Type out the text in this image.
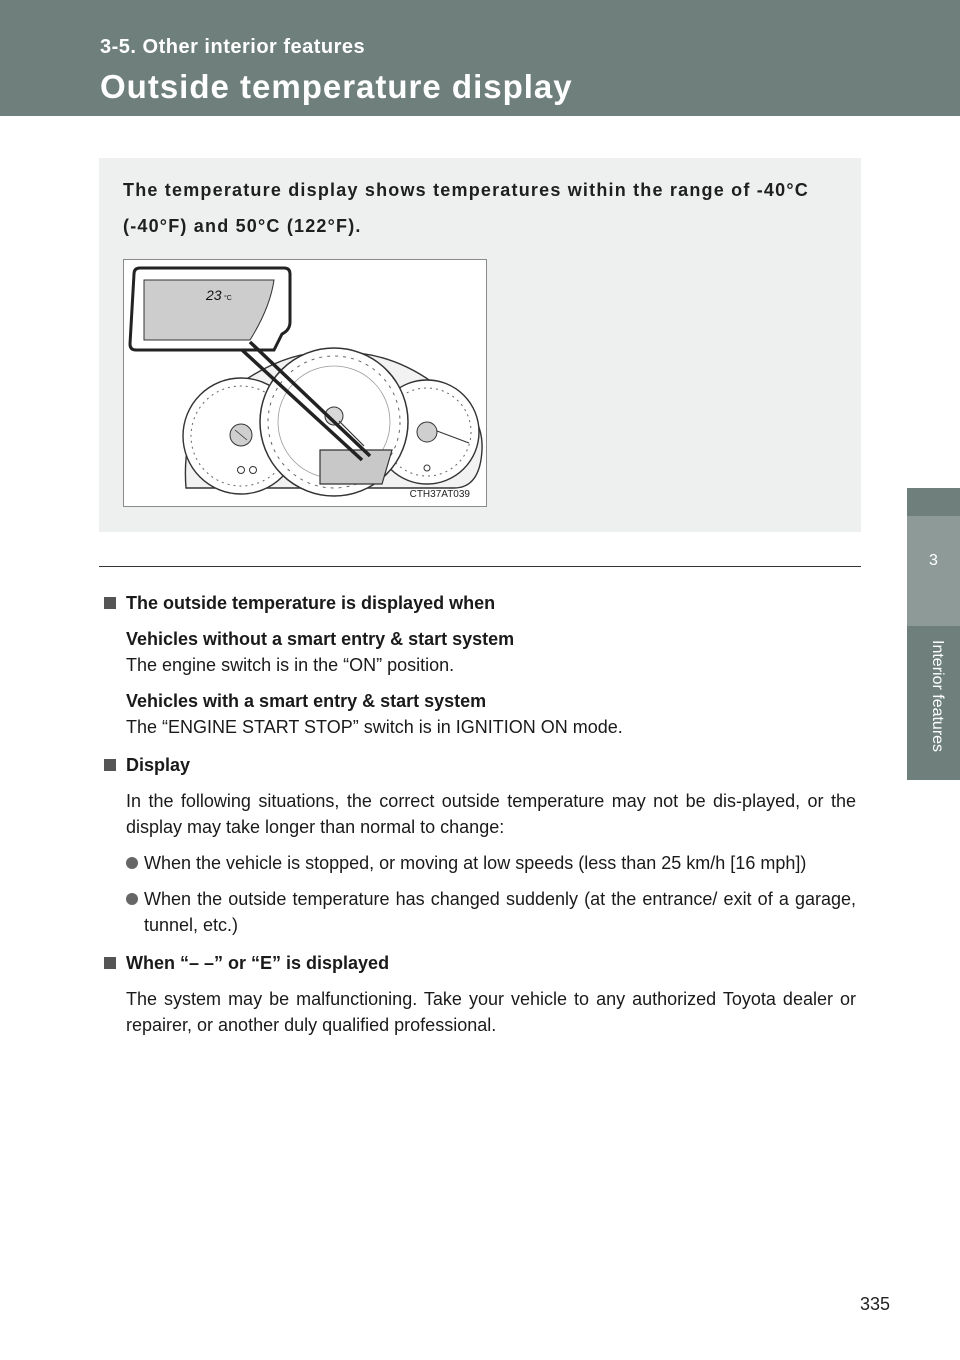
3-5. Other interior features
Outside temperature display
3
Interior features
The temperature display shows temperatures within the range of -40°C (-40°F) and 50°C (122°F).
23 °C
CTH37AT039
The outside temperature is displayed when
Vehicles without a smart entry & start system
The engine switch is in the “ON” position.
Vehicles with a smart entry & start system
The “ENGINE START STOP” switch is in IGNITION ON mode.
Display
In the following situations, the correct outside temperature may not be dis-played, or the display may take longer than normal to change:
When the vehicle is stopped, or moving at low speeds (less than 25 km/h [16 mph])
When the outside temperature has changed suddenly (at the entrance/ exit of a garage, tunnel, etc.)
When “– –” or “E” is displayed
The system may be malfunctioning. Take your vehicle to any authorized Toyota dealer or repairer, or another duly qualified professional.
335
